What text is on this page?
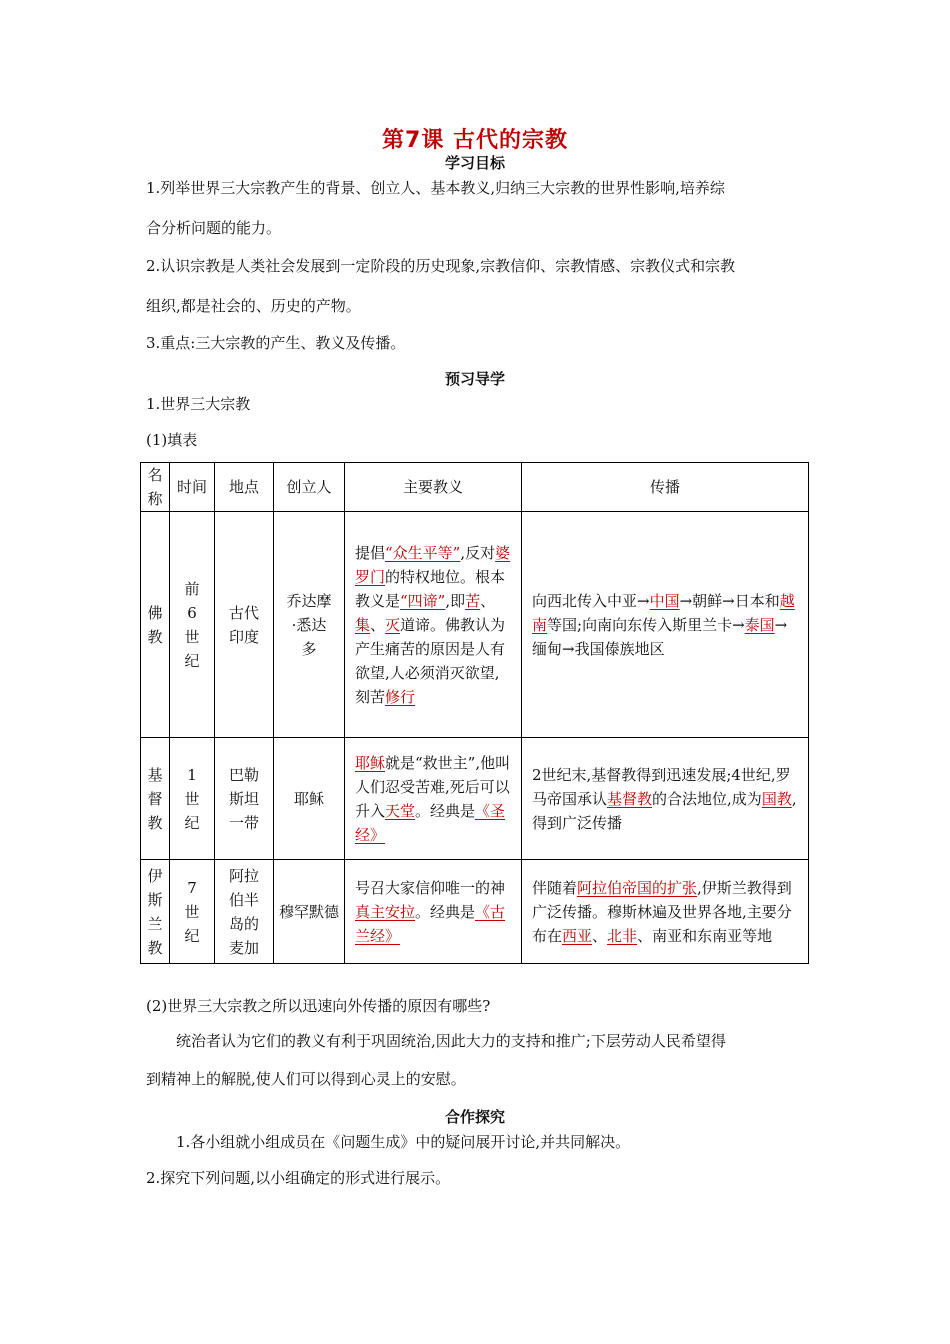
第7课 古代的宗教
学习目标
1.列举世界三大宗教产生的背景、创立人、基本教义,归纳三大宗教的世界性影响,培养综
合分析问题的能力。
2.认识宗教是人类社会发展到一定阶段的历史现象,宗教信仰、宗教情感、宗教仪式和宗教
组织,都是社会的、历史的产物。
3.重点:三大宗教的产生、教义及传播。
预习导学
1.世界三大宗教
(1)填表
名称	时间	地点	创立人	主要教义	传播
佛教	前6世纪	古代印度	乔达摩·悉达多	提倡“众生平等”,反对婆罗门的特权地位。根本教义是“四谛”,即苦、集、灭道谛。佛教认为产生痛苦的原因是人有欲望,人必须消灭欲望,刻苦修行	向西北传入中亚→中国→朝鲜→日本和越南等国;向南向东传入斯里兰卡→泰国→缅甸→我国傣族地区
基督教	1世纪	巴勒斯坦一带	耶稣	耶稣就是“救世主”,他叫人们忍受苦难,死后可以升入天堂。经典是《圣经》	2世纪末,基督教得到迅速发展;4世纪,罗马帝国承认基督教的合法地位,成为国教,得到广泛传播
伊斯兰教	7世纪	阿拉伯半岛的麦加	穆罕默德	号召大家信仰唯一的神真主安拉。经典是《古兰经》	伴随着阿拉伯帝国的扩张,伊斯兰教得到广泛传播。穆斯林遍及世界各地,主要分布在西亚、北非、南亚和东南亚等地
(2)世界三大宗教之所以迅速向外传播的原因有哪些?
统治者认为它们的教义有利于巩固统治,因此大力的支持和推广;下层劳动人民希望得
到精神上的解脱,使人们可以得到心灵上的安慰。
合作探究
1.各小组就小组成员在《问题生成》中的疑问展开讨论,并共同解决。
2.探究下列问题,以小组确定的形式进行展示。
